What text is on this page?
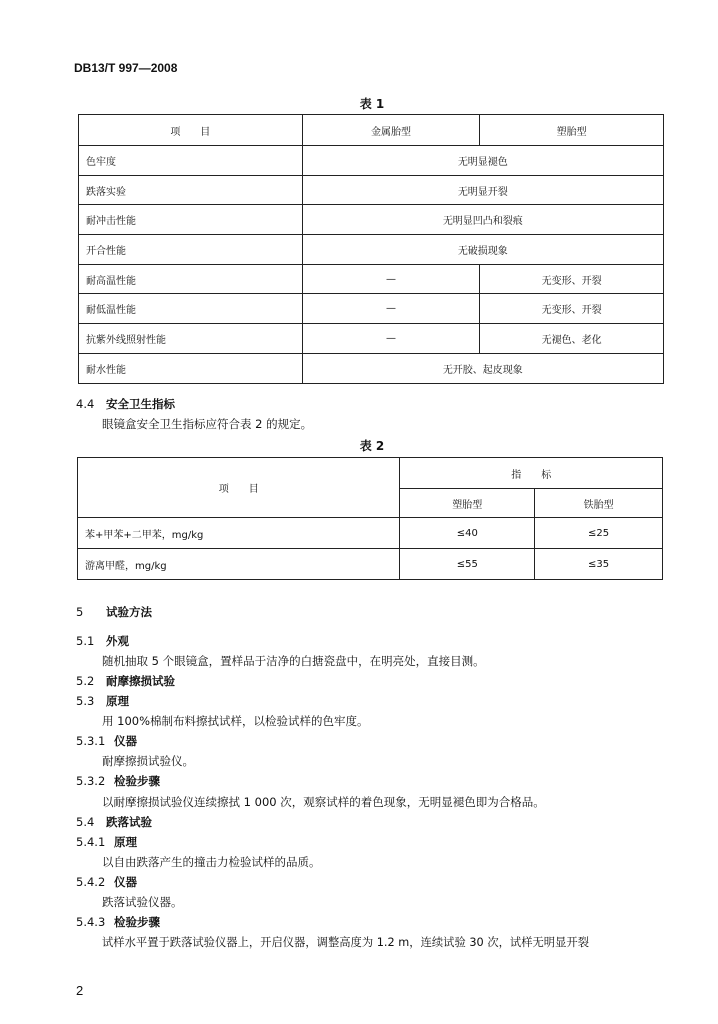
DB13/T 997—2008
表 1
项　　目	金属胎型	塑胎型
色牢度	无明显褪色	
跌落实验	无明显开裂	
耐冲击性能	无明显凹凸和裂痕	
开合性能	无破损现象	
耐高温性能	—	无变形、开裂
耐低温性能	—	无变形、开裂
抗紫外线照射性能	—	无褪色、老化
耐水性能	无开胶、起皮现象	
4.4 安全卫生指标
眼镜盒安全卫生指标应符合表 2 的规定。
表 2
项　　目	指　　标	
	塑胎型	铁胎型
苯+甲苯+二甲苯，mg/kg	≤40	≤25
游离甲醛，mg/kg	≤55	≤35
5 试验方法
5.1 外观
随机抽取 5 个眼镜盒，置样品于洁净的白搪瓷盘中，在明亮处，直接目测。
5.2 耐摩擦损试验
5.3 原理
用 100%棉制布料擦拭试样，以检验试样的色牢度。
5.3.1 仪器
耐摩擦损试验仪。
5.3.2 检验步骤
以耐摩擦损试验仪连续擦拭 1 000 次，观察试样的着色现象，无明显褪色即为合格品。
5.4 跌落试验
5.4.1 原理
以自由跌落产生的撞击力检验试样的品质。
5.4.2 仪器
跌落试验仪器。
5.4.3 检验步骤
试样水平置于跌落试验仪器上，开启仪器，调整高度为 1.2 m，连续试验 30 次，试样无明显开裂
2
